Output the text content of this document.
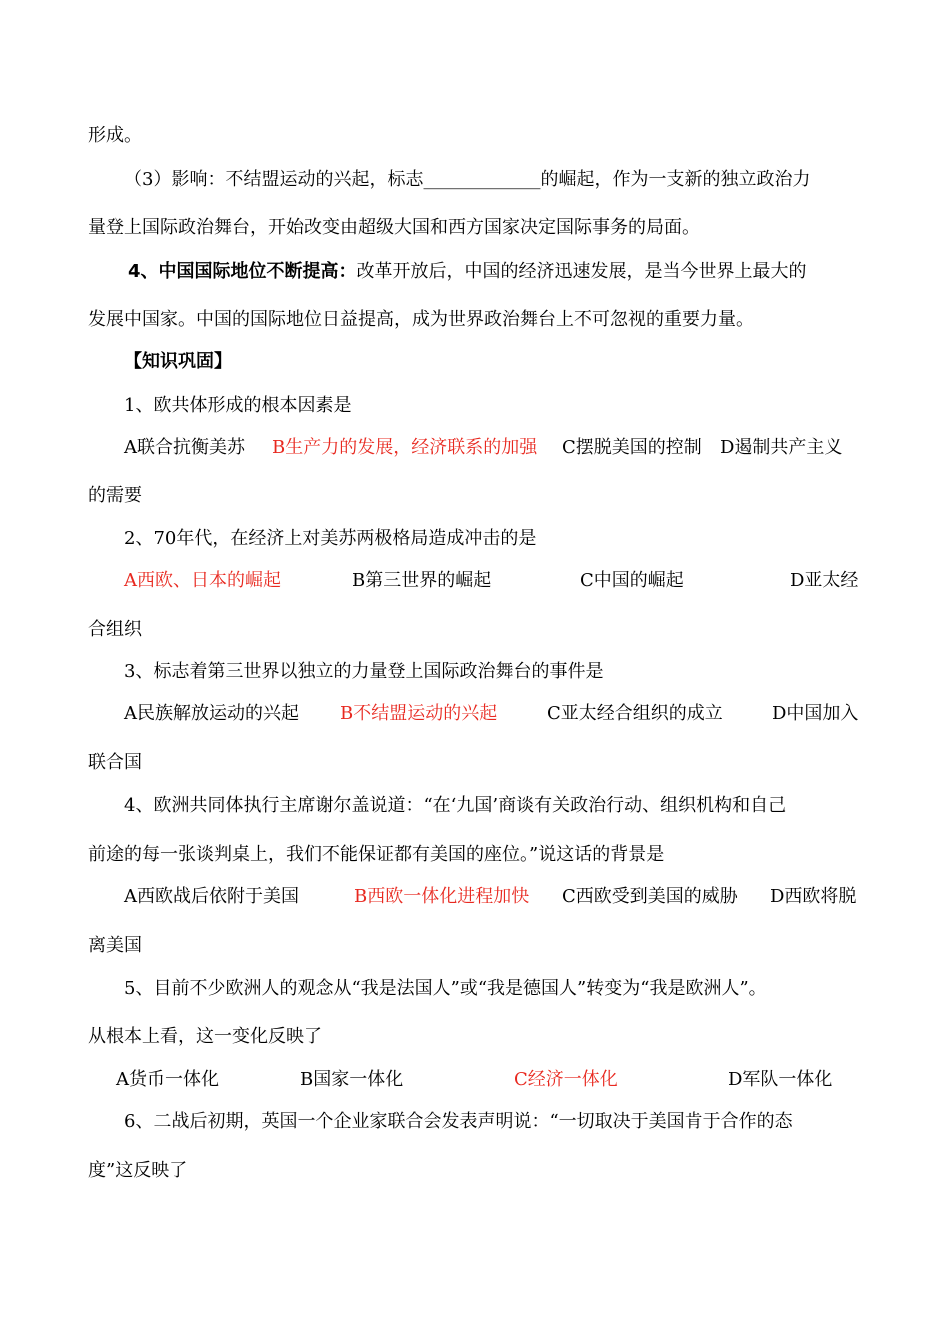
形成。
（3）影响：不结盟运动的兴起，标志_____________的崛起，作为一支新的独立政治力
量登上国际政治舞台，开始改变由超级大国和西方国家决定国际事务的局面。
4、中国国际地位不断提高：改革开放后，中国的经济迅速发展，是当今世界上最大的
发展中国家。中国的国际地位日益提高，成为世界政治舞台上不可忽视的重要力量。
【知识巩固】
1、欧共体形成的根本因素是
A联合抗衡美苏 B生产力的发展，经济联系的加强 C摆脱美国的控制 D遏制共产主义
的需要
2、70年代，在经济上对美苏两极格局造成冲击的是
A西欧、日本的崛起	B第三世界的崛起	C中国的崛起	D亚太经
合组织
3、标志着第三世界以独立的力量登上国际政治舞台的事件是
A民族解放运动的兴起 B不结盟运动的兴起	C亚太经合组织的成立	D中国加入
联合国
4、欧洲共同体执行主席谢尔盖说道：“在‘九国’商谈有关政治行动、组织机构和自己
前途的每一张谈判桌上，我们不能保证都有美国的座位。”说这话的背景是
A西欧战后依附于美国	B西欧一体化进程加快 C西欧受到美国的威胁 D西欧将脱
离美国
5、目前不少欧洲人的观念从“我是法国人”或“我是德国人”转变为“我是欧洲人”。
从根本上看，这一变化反映了
A货币一体化	B国家一体化	C经济一体化	D军队一体化
6、二战后初期，英国一个企业家联合会发表声明说：“一切取决于美国肯于合作的态
度”这反映了
